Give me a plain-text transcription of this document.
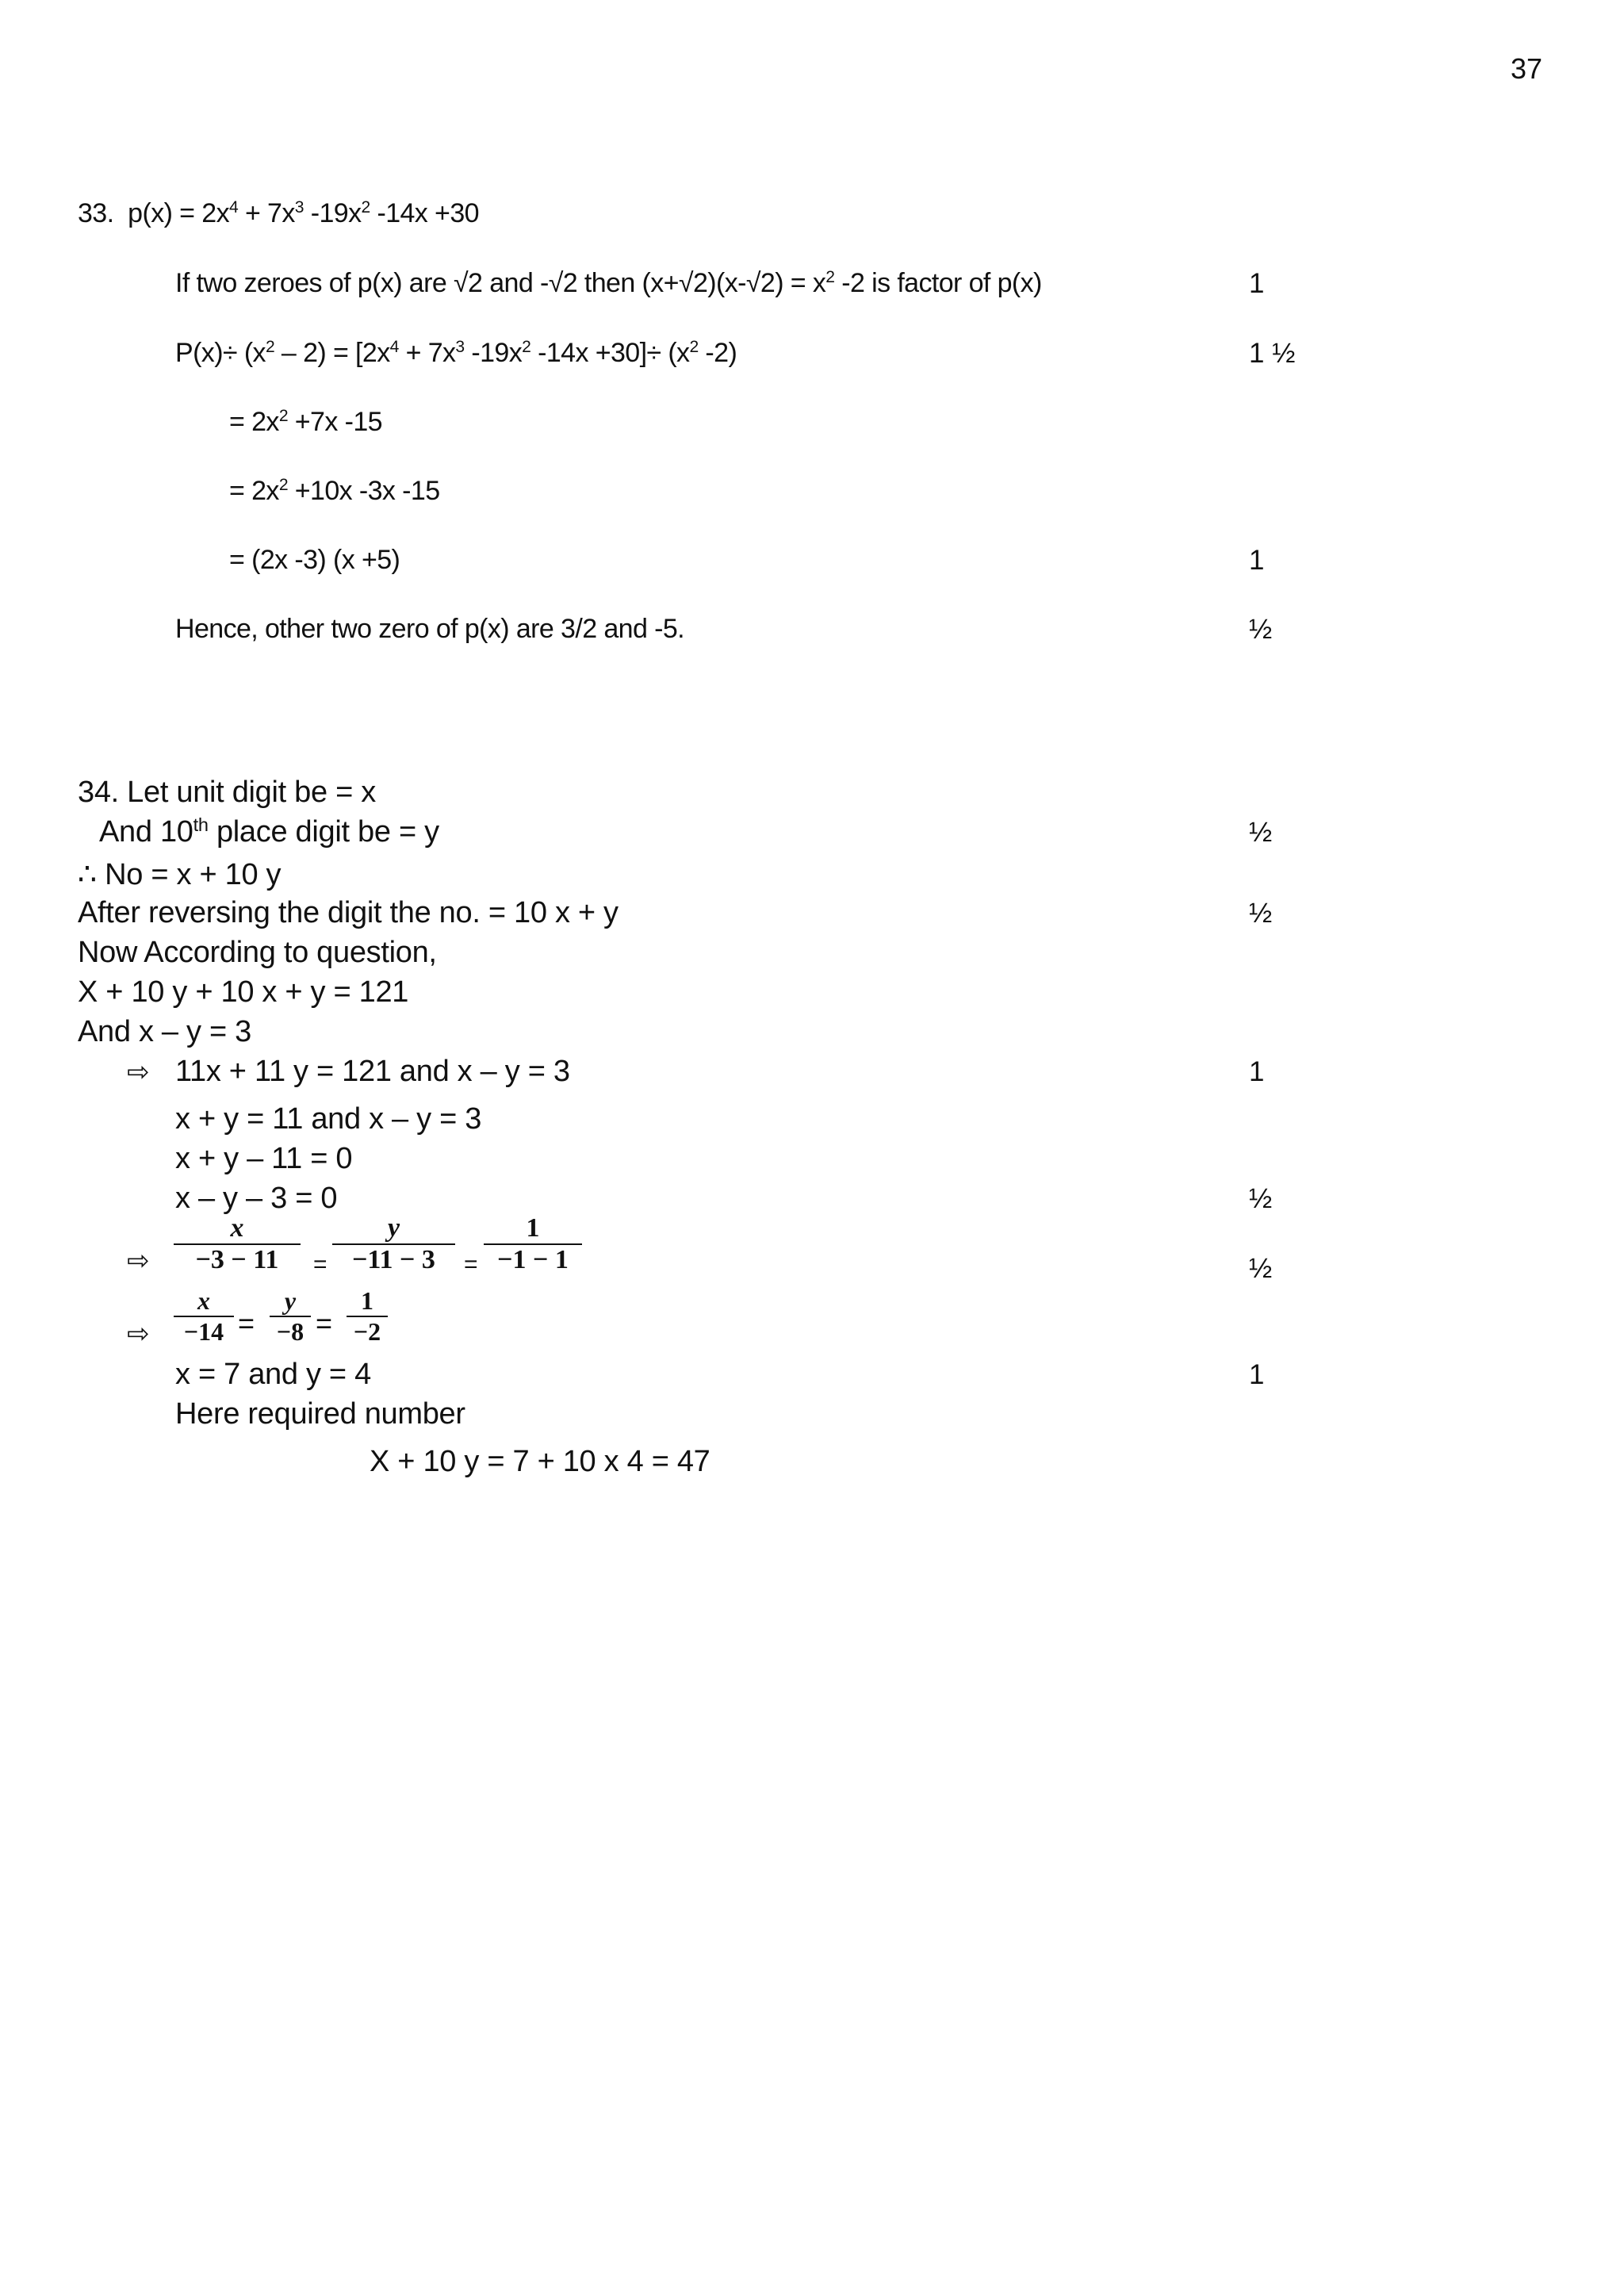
37
33. $p(x) = 2x^4 + 7x^3$ $-19x^2$ -14x +30
If two zeroes of p(x) are √2 and -√2 then $(x+√2)(x-√2) = x^2$ -2 is factor of p(x)	1
$P(x)\div (x^2 - 2) = [2x^4 + 7x^3$ $-19x^2$ $-14x +30]\div (x^2$ -2)	1 ½
= $2x^2 +7x$ -15
= $2x^2 +10x$ -3x -15
= (2x -3) (x +5)	1
Hence, other two zero of p(x) are 3/2 and -5.	½
34. Let unit digit be = x
And 10th place digit be = y	½
∴ No = x + 10 y
After reversing the digit the no. = 10 x + y	½
Now According to question,
X + 10 y + 10 x + y = 121
And x – y = 3
⇨ 11x + 11 y = 121 and x – y = 3	1
x + y = 11 and x – y = 3
x + y – 11 = 0
x – y – 3 = 0	½
⇨
x
−3 − 11 =
y
−11 − 3 =
1
−1 − 1	½
⇨
x
−14 =
y
−8 =
1
−2
x = 7 and y = 4	1
Here required number
X + 10 y = 7 + 10 x 4 = 47
